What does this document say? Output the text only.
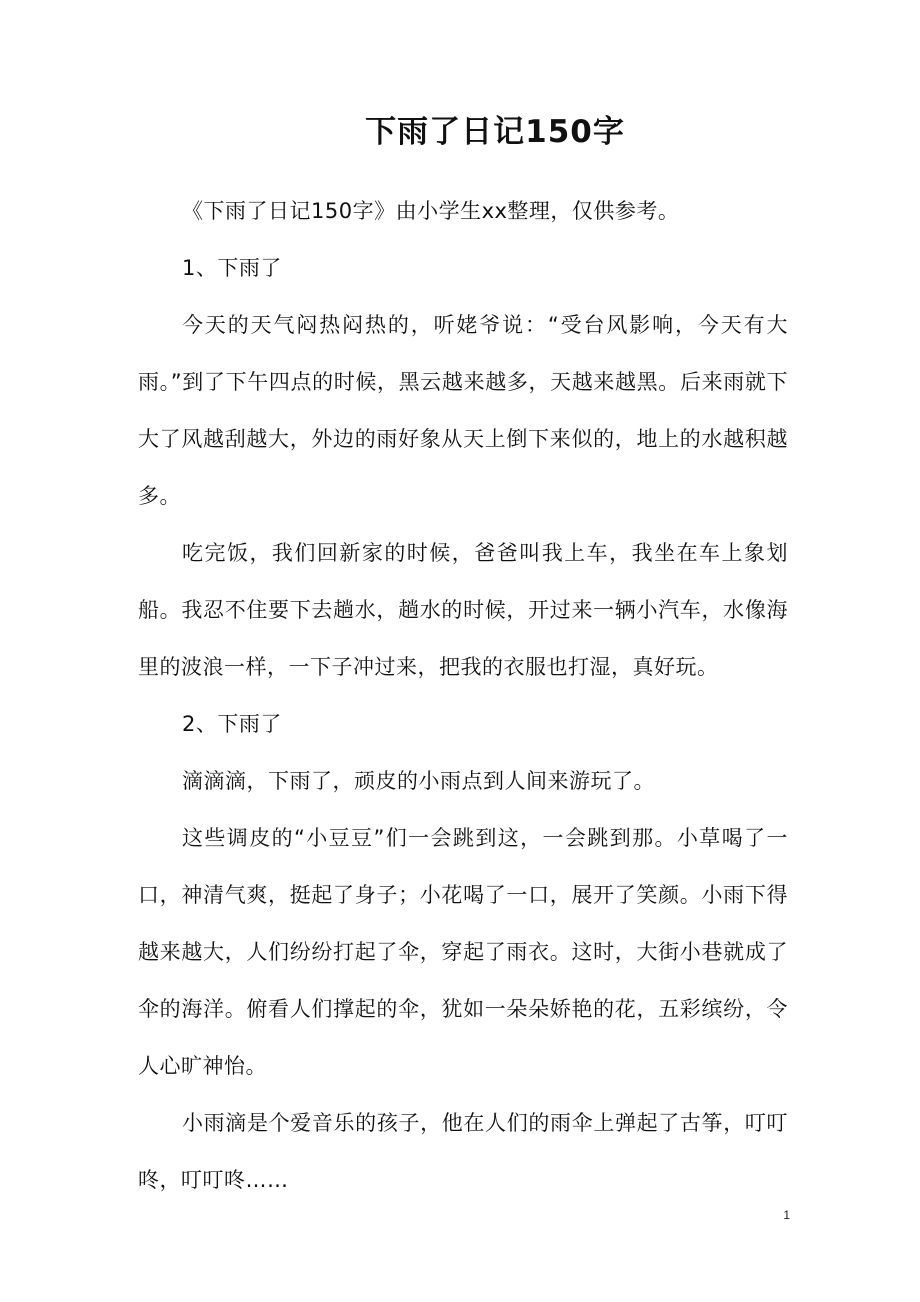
下雨了日记150字

《下雨了日记150字》由小学生xx整理，仅供参考。

1、下雨了

今天的天气闷热闷热的，听姥爷说：“受台风影响，今天有大雨。”到了下午四点的时候，黑云越来越多，天越来越黑。后来雨就下大了风越刮越大，外边的雨好象从天上倒下来似的，地上的水越积越多。

吃完饭，我们回新家的时候，爸爸叫我上车，我坐在车上象划船。我忍不住要下去趟水，趟水的时候，开过来一辆小汽车，水像海里的波浪一样，一下子冲过来，把我的衣服也打湿，真好玩。

2、下雨了

滴滴滴，下雨了，顽皮的小雨点到人间来游玩了。

这些调皮的“小豆豆”们一会跳到这，一会跳到那。小草喝了一口，神清气爽，挺起了身子；小花喝了一口，展开了笑颜。小雨下得越来越大，人们纷纷打起了伞，穿起了雨衣。这时，大街小巷就成了伞的海洋。俯看人们撑起的伞，犹如一朵朵娇艳的花，五彩缤纷，令人心旷神怡。

小雨滴是个爱音乐的孩子，他在人们的雨伞上弹起了古筝，叮叮咚，叮叮咚……

1
